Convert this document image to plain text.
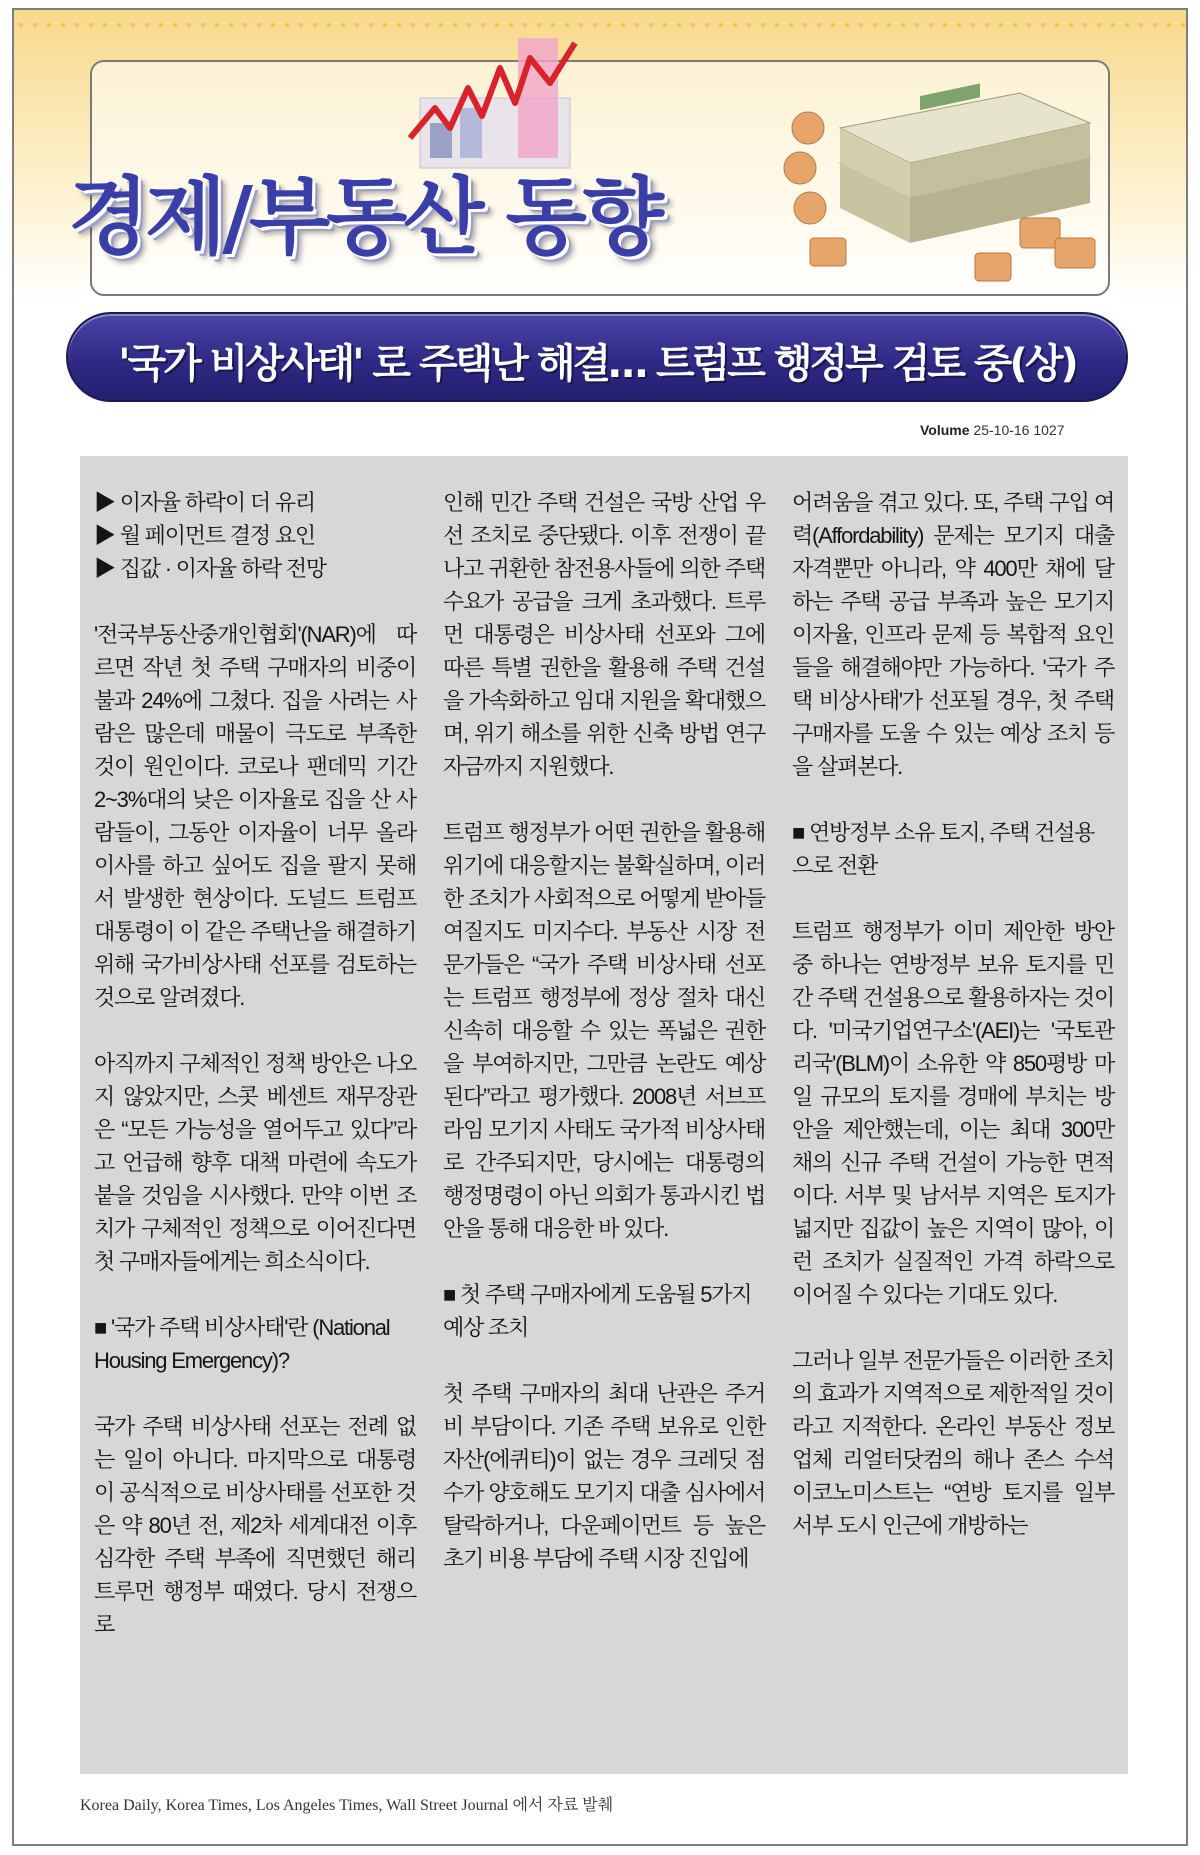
경제/부동산 동향
'국가 비상사태' 로 주택난 해결… 트럼프 행정부 검토 중(상)
Volume 25-10-16 1027
▶ 이자율 하락이 더 유리
▶ 월 페이먼트 결정 요인
▶ 집값 · 이자율 하락 전망

'전국부동산중개인협회'(NAR)에 따르면 작년 첫 주택 구매자의 비중이 불과 24%에 그쳤다. 집을 사려는 사람은 많은데 매물이 극도로 부족한 것이 원인이다. 코로나 팬데믹 기간 2~3%대의 낮은 이자율로 집을 산 사람들이, 그동안 이자율이 너무 올라 이사를 하고 싶어도 집을 팔지 못해서 발생한 현상이다. 도널드 트럼프 대통령이 이 같은 주택난을 해결하기 위해 국가비상사태 선포를 검토하는 것으로 알려졌다.

아직까지 구체적인 정책 방안은 나오지 않았지만, 스콧 베센트 재무장관은 “모든 가능성을 열어두고 있다”라고 언급해 향후 대책 마련에 속도가 붙을 것임을 시사했다. 만약 이번 조치가 구체적인 정책으로 이어진다면 첫 구매자들에게는 희소식이다.

■ '국가 주택 비상사태'란 (National Housing Emergency)?

국가 주택 비상사태 선포는 전례 없는 일이 아니다. 마지막으로 대통령이 공식적으로 비상사태를 선포한 것은 약 80년 전, 제2차 세계대전 이후 심각한 주택 부족에 직면했던 해리 트루먼 행정부 때였다. 당시 전쟁으로

인해 민간 주택 건설은 국방 산업 우선 조치로 중단됐다. 이후 전쟁이 끝나고 귀환한 참전용사들에 의한 주택 수요가 공급을 크게 초과했다. 트루먼 대통령은 비상사태 선포와 그에 따른 특별 권한을 활용해 주택 건설을 가속화하고 임대 지원을 확대했으며, 위기 해소를 위한 신축 방법 연구 자금까지 지원했다.

트럼프 행정부가 어떤 권한을 활용해 위기에 대응할지는 불확실하며, 이러한 조치가 사회적으로 어떻게 받아들여질지도 미지수다. 부동산 시장 전문가들은 “국가 주택 비상사태 선포는 트럼프 행정부에 정상 절차 대신 신속히 대응할 수 있는 폭넓은 권한을 부여하지만, 그만큼 논란도 예상된다”라고 평가했다. 2008년 서브프라임 모기지 사태도 국가적 비상사태로 간주되지만, 당시에는 대통령의 행정명령이 아닌 의회가 통과시킨 법안을 통해 대응한 바 있다.

■ 첫 주택 구매자에게 도움될 5가지 예상 조치

첫 주택 구매자의 최대 난관은 주거비 부담이다. 기존 주택 보유로 인한 자산(에퀴티)이 없는 경우 크레딧 점수가 양호해도 모기지 대출 심사에서 탈락하거나, 다운페이먼트 등 높은 초기 비용 부담에 주택 시장 진입에

어려움을 겪고 있다. 또, 주택 구입 여력(Affordability) 문제는 모기지 대출 자격뿐만 아니라, 약 400만 채에 달하는 주택 공급 부족과 높은 모기지 이자율, 인프라 문제 등 복합적 요인들을 해결해야만 가능하다. '국가 주택 비상사태'가 선포될 경우, 첫 주택 구매자를 도울 수 있는 예상 조치 등을 살펴본다.

■ 연방정부 소유 토지, 주택 건설용으로 전환

트럼프 행정부가 이미 제안한 방안 중 하나는 연방정부 보유 토지를 민간 주택 건설용으로 활용하자는 것이다. '미국기업연구소'(AEI)는 '국토관리국'(BLM)이 소유한 약 850평방 마일 규모의 토지를 경매에 부치는 방안을 제안했는데, 이는 최대 300만 채의 신규 주택 건설이 가능한 면적이다. 서부 및 남서부 지역은 토지가 넓지만 집값이 높은 지역이 많아, 이런 조치가 실질적인 가격 하락으로 이어질 수 있다는 기대도 있다.

그러나 일부 전문가들은 이러한 조치의 효과가 지역적으로 제한적일 것이라고 지적한다. 온라인 부동산 정보 업체 리얼터닷컴의 해나 존스 수석 이코노미스트는 “연방 토지를 일부 서부 도시 인근에 개방하는

Korea Daily, Korea Times, Los Angeles Times, Wall Street Journal 에서 자료 발췌
